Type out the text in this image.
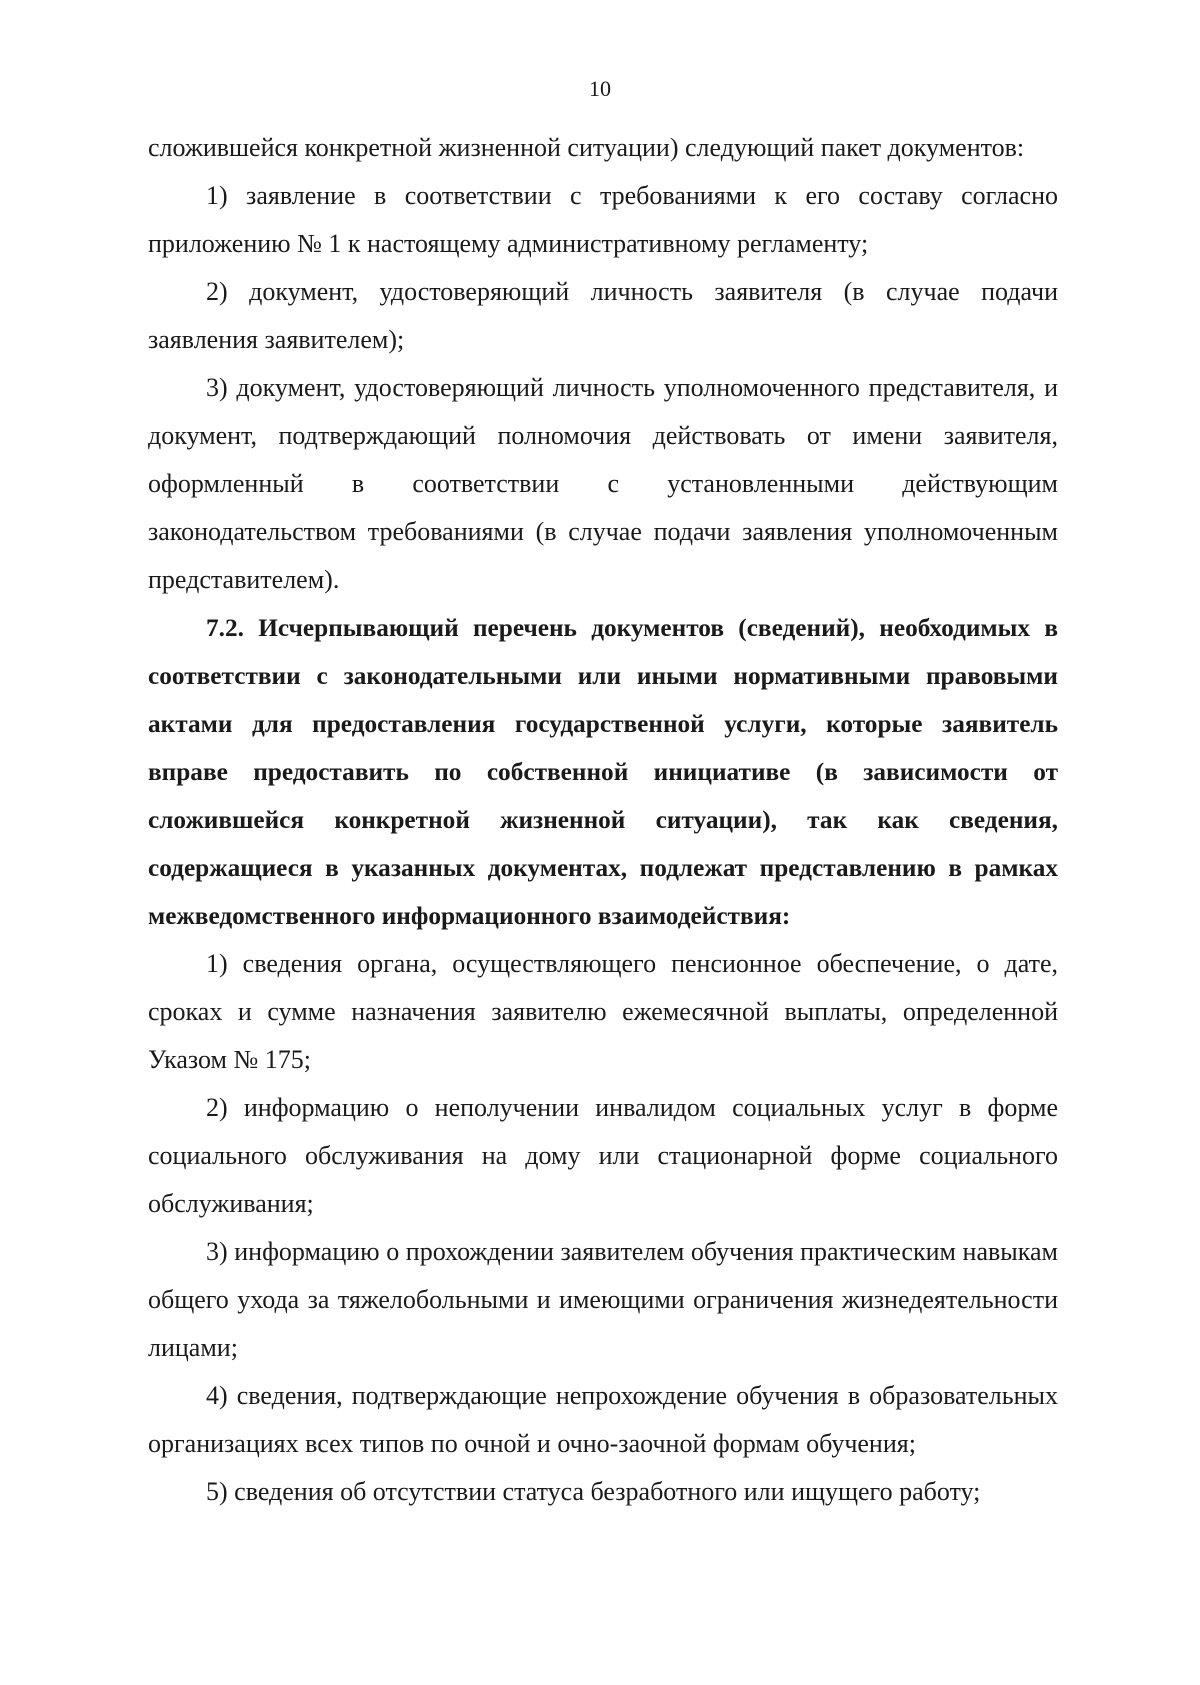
10

сложившейся конкретной жизненной ситуации) следующий пакет документов:

1) заявление в соответствии с требованиями к его составу согласно приложению № 1 к настоящему административному регламенту;

2) документ, удостоверяющий личность заявителя (в случае подачи заявления заявителем);

3) документ, удостоверяющий личность уполномоченного представителя, и документ, подтверждающий полномочия действовать от имени заявителя, оформленный в соответствии с установленными действующим законодательством требованиями (в случае подачи заявления уполномоченным представителем).

7.2. Исчерпывающий перечень документов (сведений), необходимых в соответствии с законодательными или иными нормативными правовыми актами для предоставления государственной услуги, которые заявитель вправе предоставить по собственной инициативе (в зависимости от сложившейся конкретной жизненной ситуации), так как сведения, содержащиеся в указанных документах, подлежат представлению в рамках межведомственного информационного взаимодействия:

1) сведения органа, осуществляющего пенсионное обеспечение, о дате, сроках и сумме назначения заявителю ежемесячной выплаты, определенной Указом № 175;

2) информацию о неполучении инвалидом социальных услуг в форме социального обслуживания на дому или стационарной форме социального обслуживания;

3) информацию о прохождении заявителем обучения практическим навыкам общего ухода за тяжелобольными и имеющими ограничения жизнедеятельности лицами;

4) сведения, подтверждающие непрохождение обучения в образовательных организациях всех типов по очной и очно-заочной формам обучения;

5) сведения об отсутствии статуса безработного или ищущего работу;
